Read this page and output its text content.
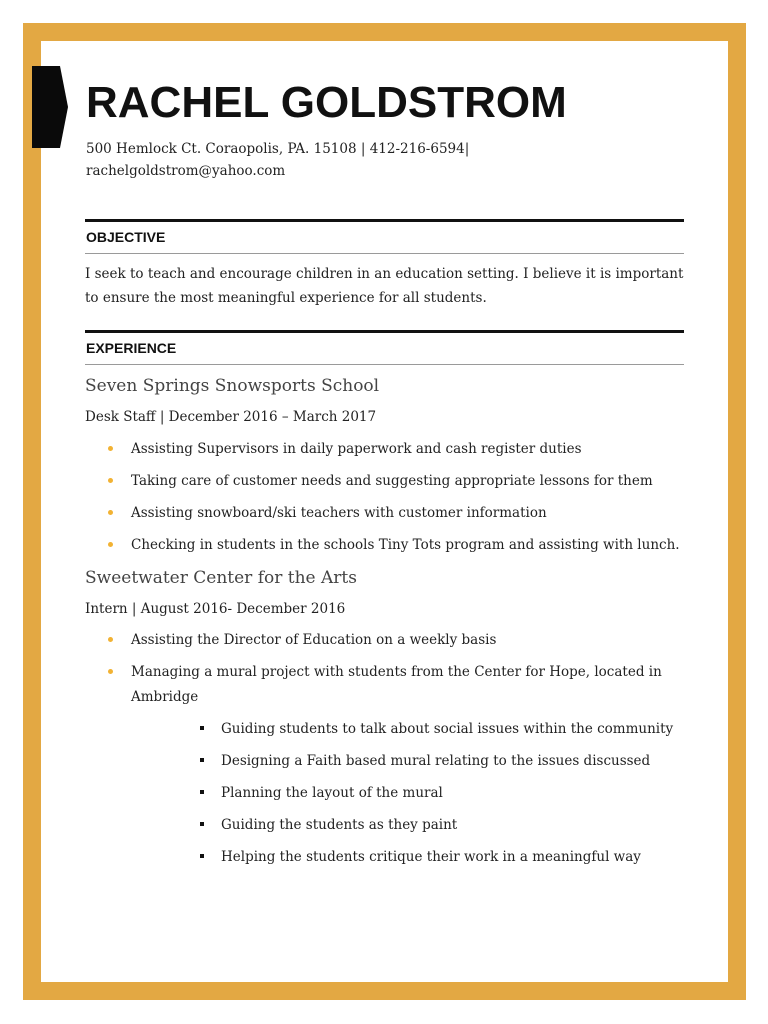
RACHEL GOLDSTROM
500 Hemlock Ct. Coraopolis, PA. 15108 | 412-216-6594|
rachelgoldstrom@yahoo.com
OBJECTIVE

I seek to teach and encourage children in an education setting. I believe it is important to ensure the most meaningful experience for all students.

EXPERIENCE
Seven Springs Snowsports School
Desk Staff | December 2016 – March 2017
Assisting Supervisors in daily paperwork and cash register duties
Taking care of customer needs and suggesting appropriate lessons for them
Assisting snowboard/ski teachers with customer information
Checking in students in the schools Tiny Tots program and assisting with lunch.
Sweetwater Center for the Arts
Intern | August 2016- December 2016
Assisting the Director of Education on a weekly basis
Managing a mural project with students from the Center for Hope, located in Ambridge
Guiding students to talk about social issues within the community
Designing a Faith based mural relating to the issues discussed
Planning the layout of the mural
Guiding the students as they paint
Helping the students critique their work in a meaningful way
